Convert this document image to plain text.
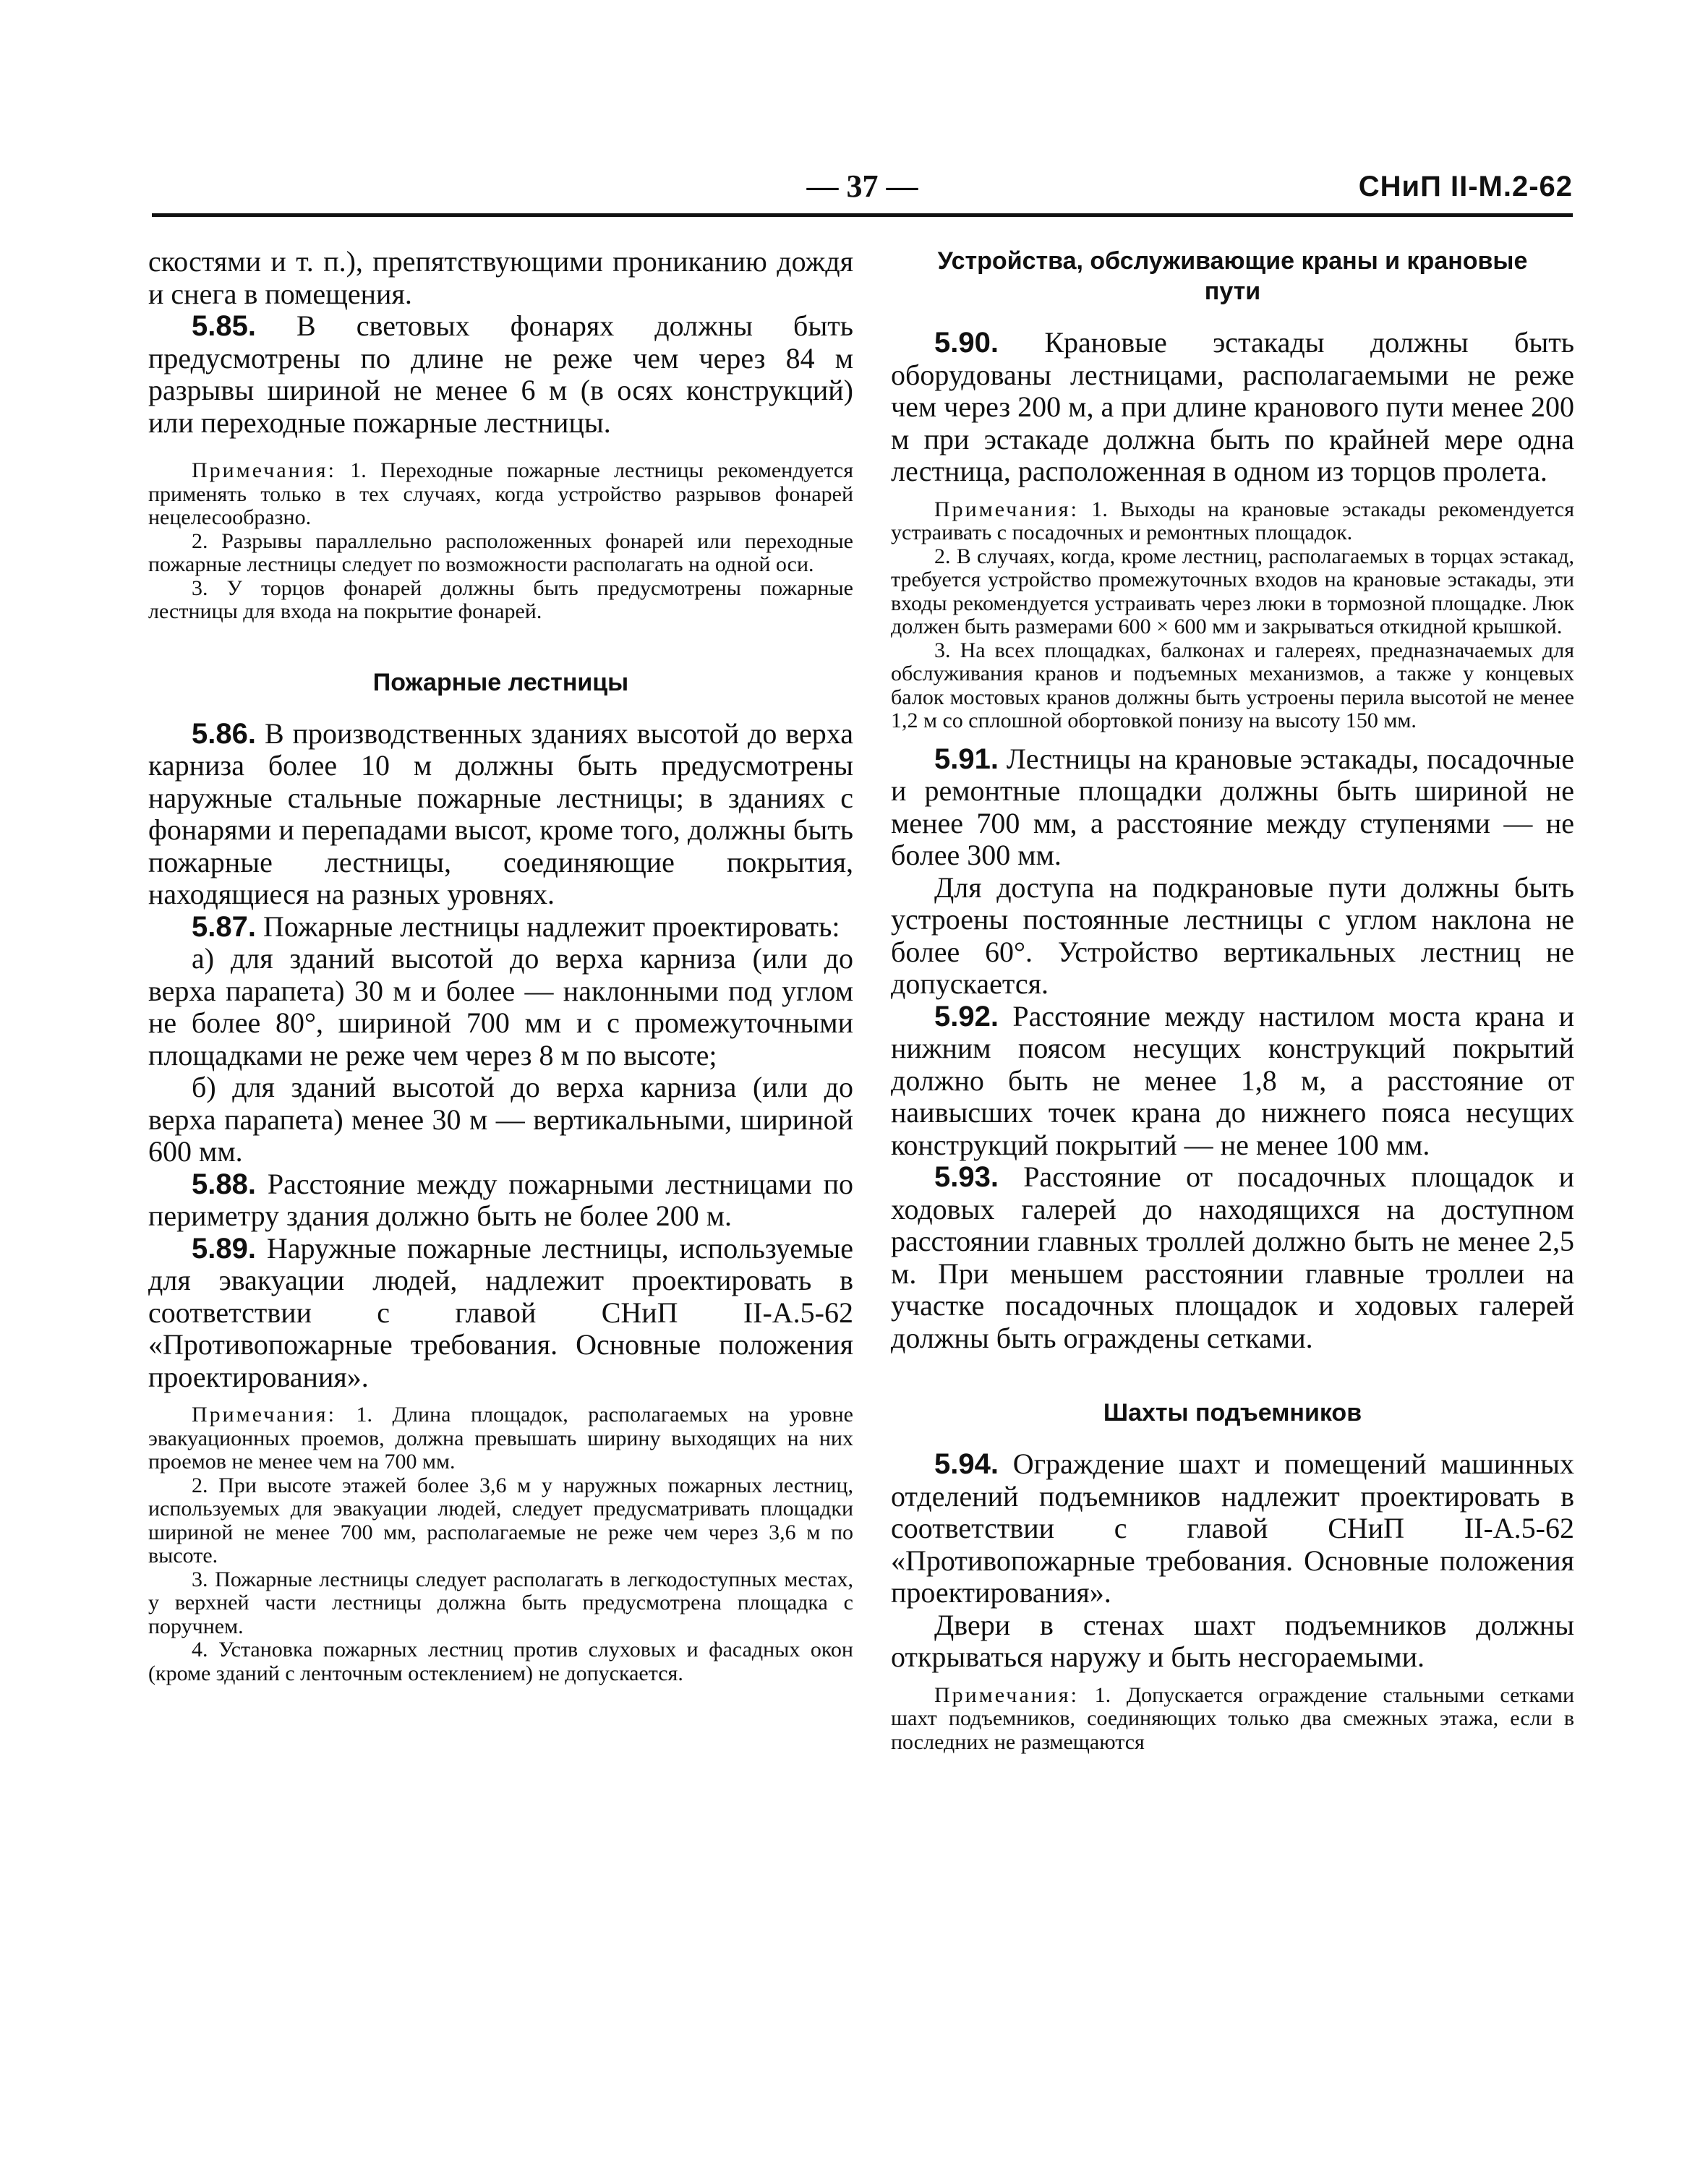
— 37 —	СНиП II-М.2-62

скостями и т. п.), препятствующими прониканию дождя и снега в помещения.

5.85. В световых фонарях должны быть предусмотрены по длине не реже чем через 84 м разрывы шириной не менее 6 м (в осях конструкций) или переходные пожарные лестницы.

Примечания: 1. Переходные пожарные лестницы рекомендуется применять только в тех случаях, когда устройство разрывов фонарей нецелесообразно.

2. Разрывы параллельно расположенных фонарей или переходные пожарные лестницы следует по возможности располагать на одной оси.

3. У торцов фонарей должны быть предусмотрены пожарные лестницы для входа на покрытие фонарей.

Пожарные лестницы

5.86. В производственных зданиях высотой до верха карниза более 10 м должны быть предусмотрены наружные стальные пожарные лестницы; в зданиях с фонарями и перепадами высот, кроме того, должны быть пожарные лестницы, соединяющие покрытия, находящиеся на разных уровнях.

5.87. Пожарные лестницы надлежит проектировать:

а) для зданий высотой до верха карниза (или до верха парапета) 30 м и более — наклонными под углом не более 80°, шириной 700 мм и с промежуточными площадками не реже чем через 8 м по высоте;

б) для зданий высотой до верха карниза (или до верха парапета) менее 30 м — вертикальными, шириной 600 мм.

5.88. Расстояние между пожарными лестницами по периметру здания должно быть не более 200 м.

5.89. Наружные пожарные лестницы, используемые для эвакуации людей, надлежит проектировать в соответствии с главой СНиП II-А.5-62 «Противопожарные требования. Основные положения проектирования».

Примечания: 1. Длина площадок, располагаемых на уровне эвакуационных проемов, должна превышать ширину выходящих на них проемов не менее чем на 700 мм.

2. При высоте этажей более 3,6 м у наружных пожарных лестниц, используемых для эвакуации людей, следует предусматривать площадки шириной не менее 700 мм, располагаемые не реже чем через 3,6 м по высоте.

3. Пожарные лестницы следует располагать в легкодоступных местах, у верхней части лестницы должна быть предусмотрена площадка с поручнем.

4. Установка пожарных лестниц против слуховых и фасадных окон (кроме зданий с ленточным остеклением) не допускается.

Устройства, обслуживающие краны и крановые пути

5.90. Крановые эстакады должны быть оборудованы лестницами, располагаемыми не реже чем через 200 м, а при длине кранового пути менее 200 м при эстакаде должна быть по крайней мере одна лестница, расположенная в одном из торцов пролета.

Примечания: 1. Выходы на крановые эстакады рекомендуется устраивать с посадочных и ремонтных площадок.

2. В случаях, когда, кроме лестниц, располагаемых в торцах эстакад, требуется устройство промежуточных входов на крановые эстакады, эти входы рекомендуется устраивать через люки в тормозной площадке. Люк должен быть размерами 600 × 600 мм и закрываться откидной крышкой.

3. На всех площадках, балконах и галереях, предназначаемых для обслуживания кранов и подъемных механизмов, а также у концевых балок мостовых кранов должны быть устроены перила высотой не менее 1,2 м со сплошной обортовкой понизу на высоту 150 мм.

5.91. Лестницы на крановые эстакады, посадочные и ремонтные площадки должны быть шириной не менее 700 мм, а расстояние между ступенями — не более 300 мм.

Для доступа на подкрановые пути должны быть устроены постоянные лестницы с углом наклона не более 60°. Устройство вертикальных лестниц не допускается.

5.92. Расстояние между настилом моста крана и нижним поясом несущих конструкций покрытий должно быть не менее 1,8 м, а расстояние от наивысших точек крана до нижнего пояса несущих конструкций покрытий — не менее 100 мм.

5.93. Расстояние от посадочных площадок и ходовых галерей до находящихся на доступном расстоянии главных троллей должно быть не менее 2,5 м. При меньшем расстоянии главные троллеи на участке посадочных площадок и ходовых галерей должны быть ограждены сетками.

Шахты подъемников

5.94. Ограждение шахт и помещений машинных отделений подъемников надлежит проектировать в соответствии с главой СНиП II-А.5-62 «Противопожарные требования. Основные положения проектирования».

Двери в стенах шахт подъемников должны открываться наружу и быть несгораемыми.

Примечания: 1. Допускается ограждение стальными сетками шахт подъемников, соединяющих только два смежных этажа, если в последних не размещаются
